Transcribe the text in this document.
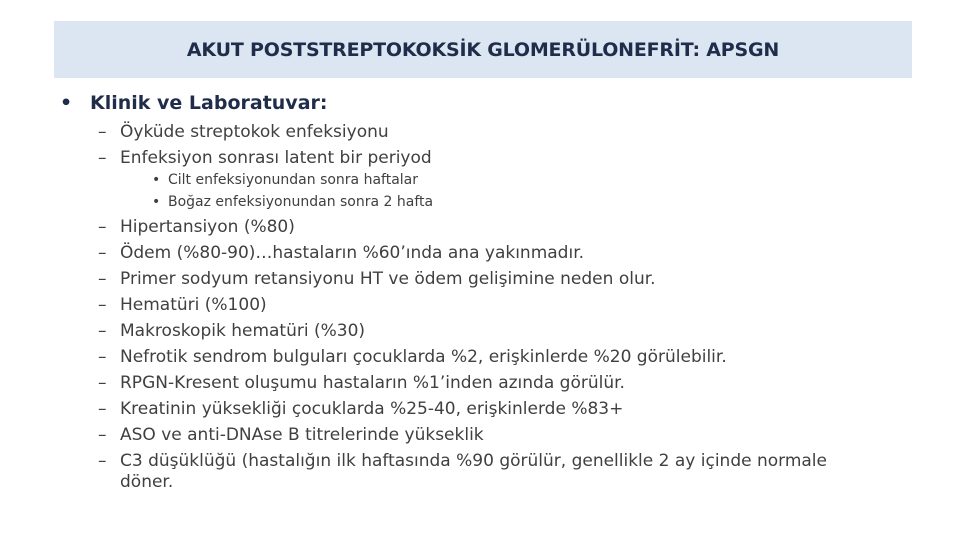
AKUT POSTSTREPTOKOKSİK GLOMERÜLONEFRİT: APSGN
• Klinik ve Laboratuvar:
– Öyküde streptokok enfeksiyonu
– Enfeksiyon sonrası latent bir periyod
• Cilt enfeksiyonundan sonra haftalar
• Boğaz enfeksiyonundan sonra 2 hafta
– Hipertansiyon (%80)
– Ödem (%80-90)…hastaların %60’ında ana yakınmadır.
– Primer sodyum retansiyonu HT ve ödem gelişimine neden olur.
– Hematüri (%100)
– Makroskopik hematüri (%30)
– Nefrotik sendrom bulguları çocuklarda %2, erişkinlerde %20 görülebilir.
– RPGN-Kresent oluşumu hastaların %1’inden azında görülür.
– Kreatinin yüksekliği çocuklarda %25-40, erişkinlerde %83+
– ASO ve anti-DNAse B titrelerinde yükseklik
– C3 düşüklüğü (hastalığın ilk haftasında %90 görülür, genellikle 2 ay içinde normale döner.
